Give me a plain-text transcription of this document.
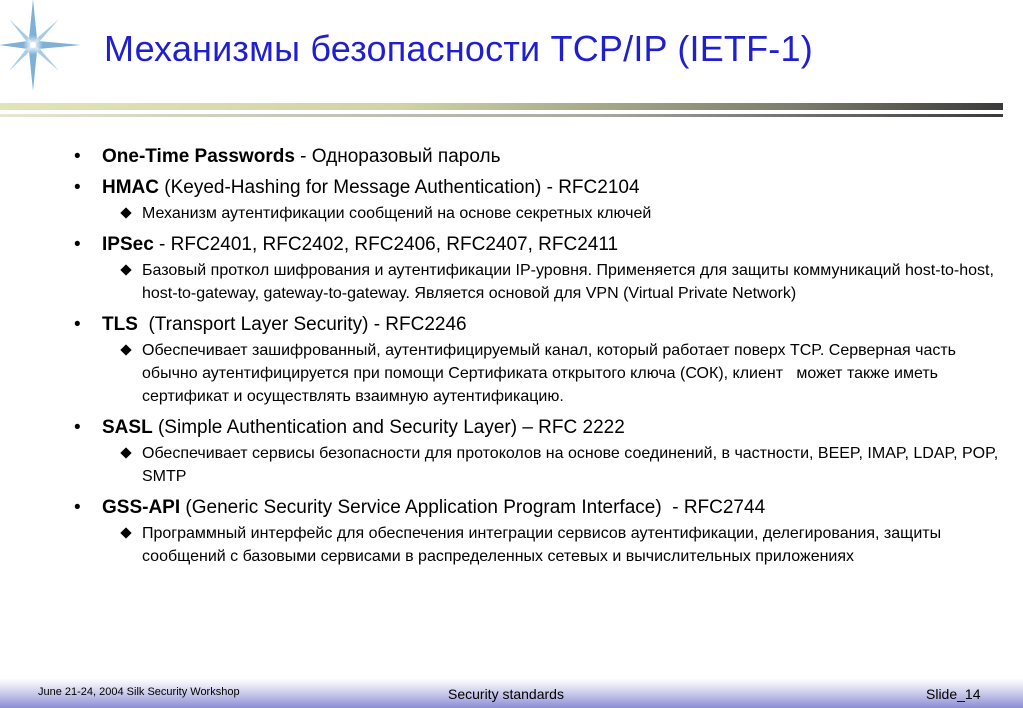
Механизмы безопасности TCP/IP (IETF-1)
• One-Time Passwords - Одноразовый пароль
• HMAC (Keyed-Hashing for Message Authentication) - RFC2104
Механизм аутентификации сообщений на основе секретных ключей
• IPSec - RFC2401, RFC2402, RFC2406, RFC2407, RFC2411
Базовый проткол шифрования и аутентификации IP-уровня. Применяется для защиты коммуникаций host-to-host, host-to-gateway, gateway-to-gateway. Является основой для VPN (Virtual Private Network)
• TLS  (Transport Layer Security) - RFC2246
Обеспечивает зашифрованный, аутентифицируемый канал, который работает поверх TCP. Серверная часть обычно аутентифицируется при помощи Сертификата открытого ключа (СОК), клиент   может также иметь сертификат и осуществлять взаимную аутентификацию.
• SASL (Simple Authentication and Security Layer) – RFC 2222
Обеспечивает сервисы безопасности для протоколов на основе соединений, в частности, BEEP, IMAP, LDAP, POP, SMTP
• GSS-API (Generic Security Service Application Program Interface)  - RFC2744
Программный интерфейс для обеспечения интеграции сервисов аутентификации, делегирования, защиты сообщений с базовыми сервисами в распределенных сетевых и вычислительных приложениях
June 21-24, 2004 Silk Security Workshop	Security standards	Slide_14
